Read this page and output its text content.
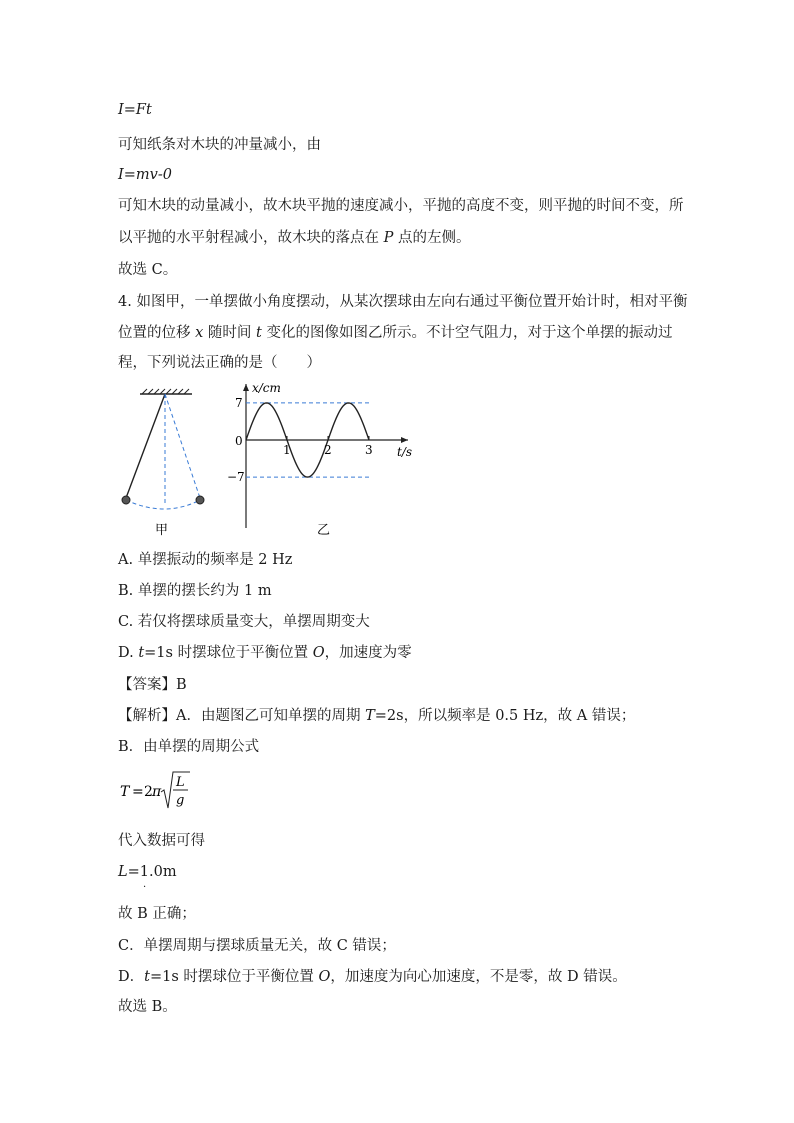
I=Ft
可知纸条对木块的冲量减小，由
I=mv-0
可知木块的动量减小，故木块平抛的速度减小，平抛的高度不变，则平抛的时间不变，所
以平抛的水平射程减小，故木块的落点在 P 点的左侧。
故选 C。
4. 如图甲，一单摆做小角度摆动，从某次摆球由左向右通过平衡位置开始计时，相对平衡
位置的位移 x 随时间 t 变化的图像如图乙所示。不计空气阻力，对于这个单摆的振动过
程，下列说法正确的是（　　）
甲
x/cm
t/s
0
7
−7
1	2	3
乙
A. 单摆振动的频率是 2 Hz
B. 单摆的摆长约为 1 m
C. 若仅将摆球质量变大，单摆周期变大
D. t=1s 时摆球位于平衡位置 O，加速度为零
【答案】B
【解析】A．由题图乙可知单摆的周期 T=2s，所以频率是 0.5 Hz，故 A 错误；
B．由单摆的周期公式
T = 2 π
L
g
代入数据可得
L=1.0m
·
故 B 正确；
C．单摆周期与摆球质量无关，故 C 错误；
D．t=1s 时摆球位于平衡位置 O，加速度为向心加速度，不是零，故 D 错误。
故选 B。
